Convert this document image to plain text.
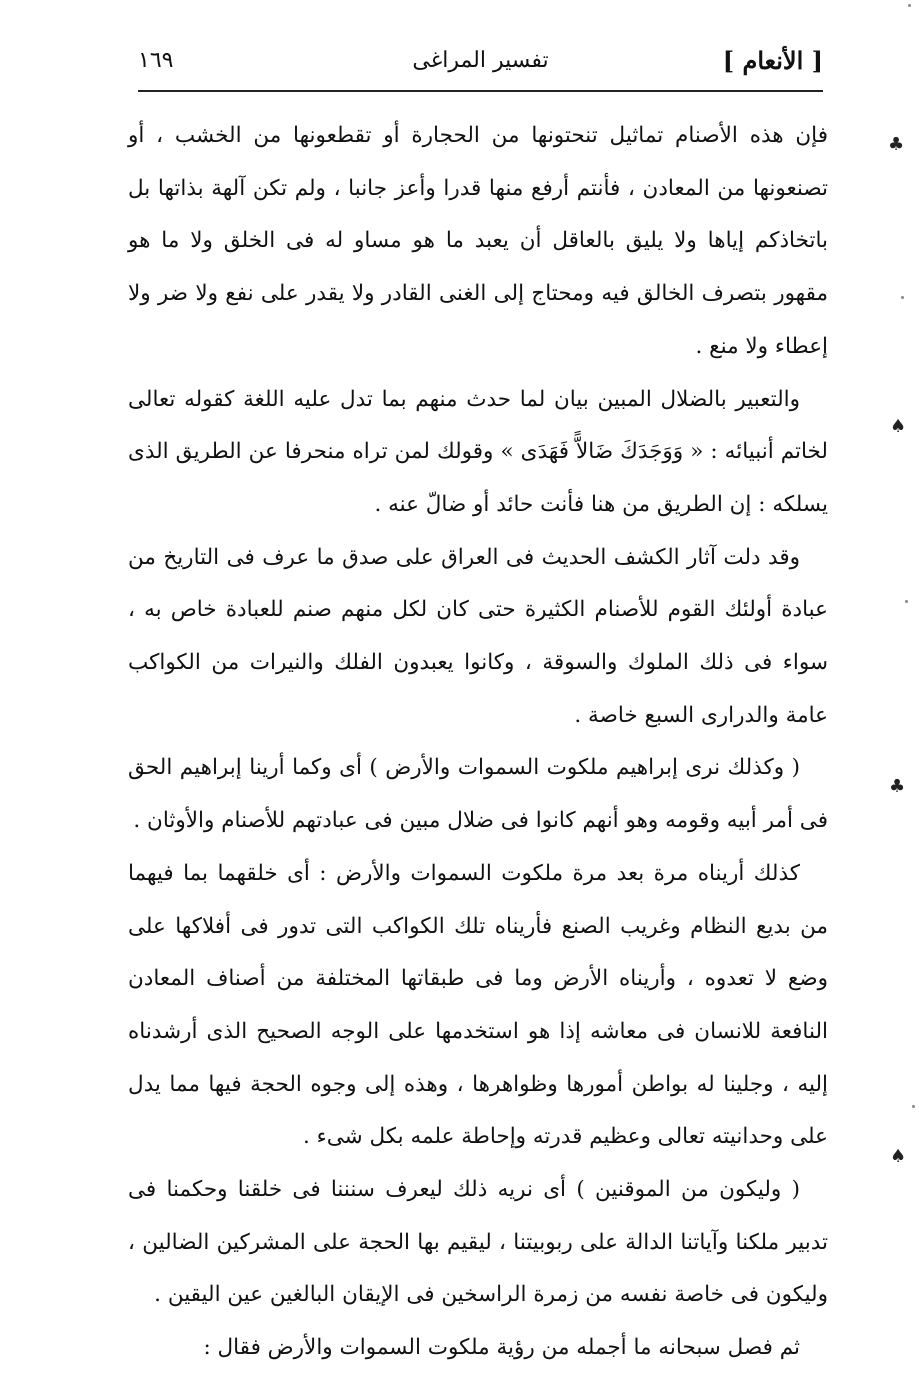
[ الأنعام ]
تفسير المراغى
١٦٩

فإن هذه الأصنام تماثيل تنحتونها من الحجارة أو تقطعونها من الخشب ، أو تصنعونها من المعادن ، فأنتم أرفع منها قدرا وأعز جانبا ، ولم تكن آلهة بذاتها بل باتخاذكم إياها ولا يليق بالعاقل أن يعبد ما هو مساو له فى الخلق ولا ما هو مقهور بتصرف الخالق فيه ومحتاج إلى الغنى القادر ولا يقدر على نفع ولا ضر ولا إعطاء ولا منع .

والتعبير بالضلال المبين بيان لما حدث منهم بما تدل عليه اللغة كقوله تعالى لخاتم أنبيائه : « وَوَجَدَكَ ضَالاًّ فَهَدَى » وقولك لمن تراه منحرفا عن الطريق الذى يسلكه : إن الطريق من هنا فأنت حائد أو ضالّ عنه .

وقد دلت آثار الكشف الحديث فى العراق على صدق ما عرف فى التاريخ من عبادة أولئك القوم للأصنام الكثيرة حتى كان لكل منهم صنم للعبادة خاص به ، سواء فى ذلك الملوك والسوقة ، وكانوا يعبدون الفلك والنيرات من الكواكب عامة والدرارى السبع خاصة .

( وكذلك نرى إبراهيم ملكوت السموات والأرض ) أى وكما أرينا إبراهيم الحق فى أمر أبيه وقومه وهو أنهم كانوا فى ضلال مبين فى عبادتهم للأصنام والأوثان .

كذلك أريناه مرة بعد مرة ملكوت السموات والأرض : أى خلقهما بما فيهما من بديع النظام وغريب الصنع فأريناه تلك الكواكب التى تدور فى أفلاكها على وضع لا تعدوه ، وأريناه الأرض وما فى طبقاتها المختلفة من أصناف المعادن النافعة للانسان فى معاشه إذا هو استخدمها على الوجه الصحيح الذى أرشدناه إليه ، وجلينا له بواطن أمورها وظواهرها ، وهذه إلى وجوه الحجة فيها مما يدل على وحدانيته تعالى وعظيم قدرته وإحاطة علمه بكل شىء .

( وليكون من الموقنين ) أى نريه ذلك ليعرف سنننا فى خلقنا وحكمنا فى تدبير ملكنا وآياتنا الدالة على ربوبيتنا ، ليقيم بها الحجة على المشركين الضالين ، وليكون فى خاصة نفسه من زمرة الراسخين فى الإيقان البالغين عين اليقين .

ثم فصل سبحانه ما أجمله من رؤية ملكوت السموات والأرض فقال :

♣
♠
♣
♠
